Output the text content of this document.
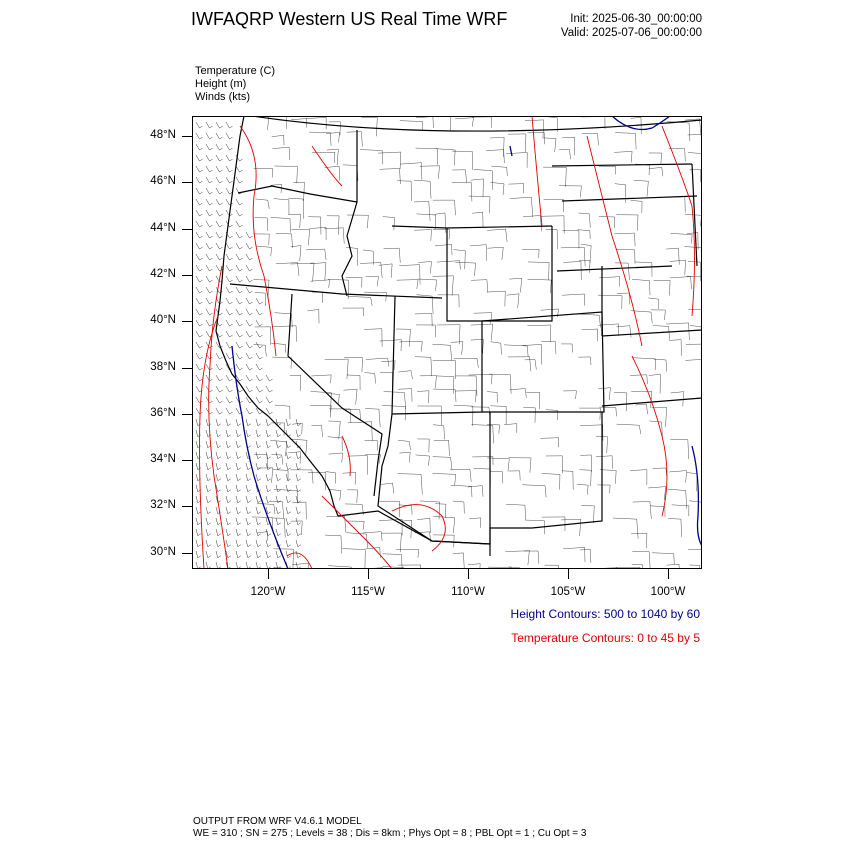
IWFAQRP Western US Real Time WRF	Init: 2025-06-30_00:00:00
Valid: 2025-07-06_00:00:00
Temperature (C)
Height (m)
Winds (kts)
48°N
46°N
44°N
42°N
40°N
38°N
36°N
34°N
32°N
30°N
120°W	115°W	110°W	105°W	100°W
Height Contours: 500 to 1040 by 60
Temperature Contours: 0 to 45 by 5
OUTPUT FROM WRF V4.6.1 MODEL
WE = 310 ; SN = 275 ; Levels = 38 ; Dis = 8km ; Phys Opt = 8 ; PBL Opt = 1 ; Cu Opt = 3
